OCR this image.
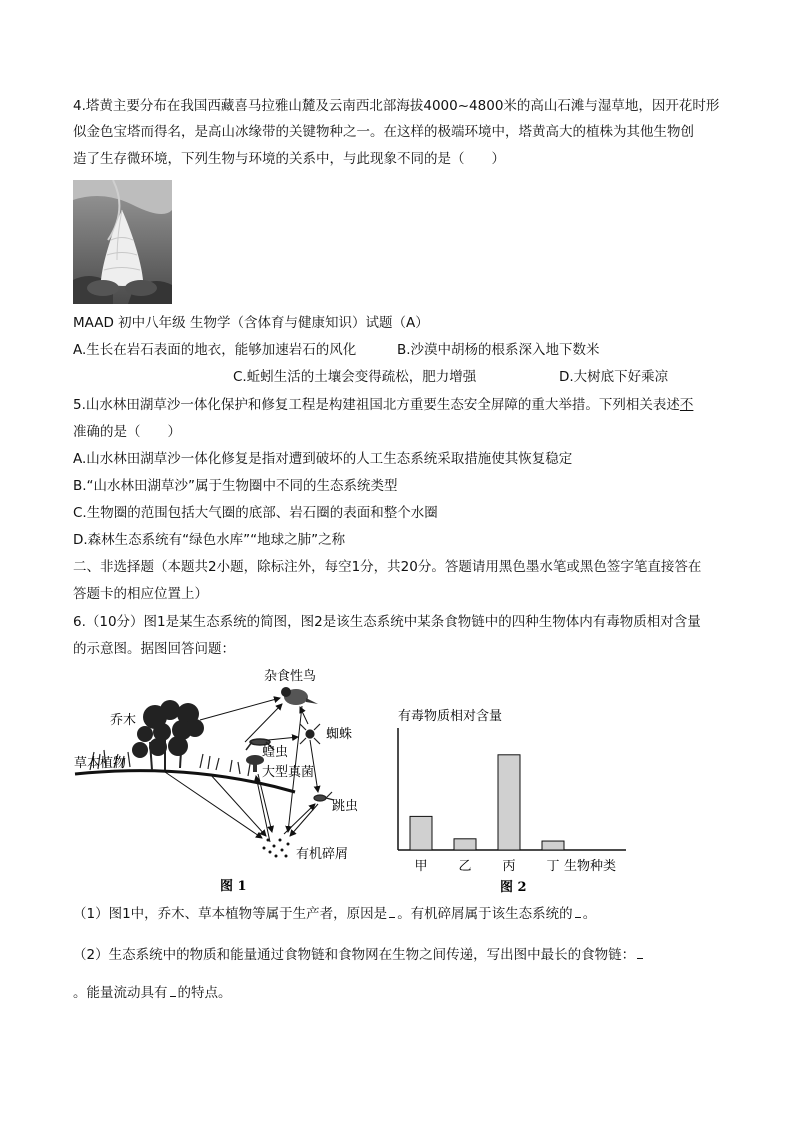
4.塔黄主要分布在我国西藏喜马拉雅山麓及云南西北部海拔4000~4800米的高山石滩与湿草地，因开花时形
似金色宝塔而得名，是高山冰缘带的关键物种之一。在这样的极端环境中，塔黄高大的植株为其他生物创
造了生存微环境，下列生物与环境的关系中，与此现象不同的是（　　）
MAAD 初中八年级 生物学（含体育与健康知识）试题（A）
A.生长在岩石表面的地衣，能够加速岩石的风化	B.沙漠中胡杨的根系深入地下数米
C.蚯蚓生活的土壤会变得疏松，肥力增强	D.大树底下好乘凉
5.山水林田湖草沙一体化保护和修复工程是构建祖国北方重要生态安全屏障的重大举措。下列相关表述不
准确的是（　　）
A.山水林田湖草沙一体化修复是指对遭到破坏的人工生态系统采取措施使其恢复稳定
B.“山水林田湖草沙”属于生物圈中不同的生态系统类型
C.生物圈的范围包括大气圈的底部、岩石圈的表面和整个水圈
D.森林生态系统有“绿色水库”“地球之肺”之称
二、非选择题（本题共2小题，除标注外，每空1分，共20分。答题请用黑色墨水笔或黑色签字笔直接答在
答题卡的相应位置上）
6.（10分）图1是某生态系统的简图，图2是该生态系统中某条食物链中的四种生物体内有毒物质相对含量
的示意图。据图回答问题：
杂食性鸟
乔木
草本植物
蝗虫
蜘蛛
大型真菌
跳虫
有机碎屑
图 1
有毒物质相对含量
甲 乙 丙 丁 生物种类
图 2
（1）图1中，乔木、草本植物等属于生产者，原因是 。有机碎屑属于该生态系统的 。
（2）生态系统中的物质和能量通过食物链和食物网在生物之间传递，写出图中最长的食物链：
。能量流动具有 的特点。
